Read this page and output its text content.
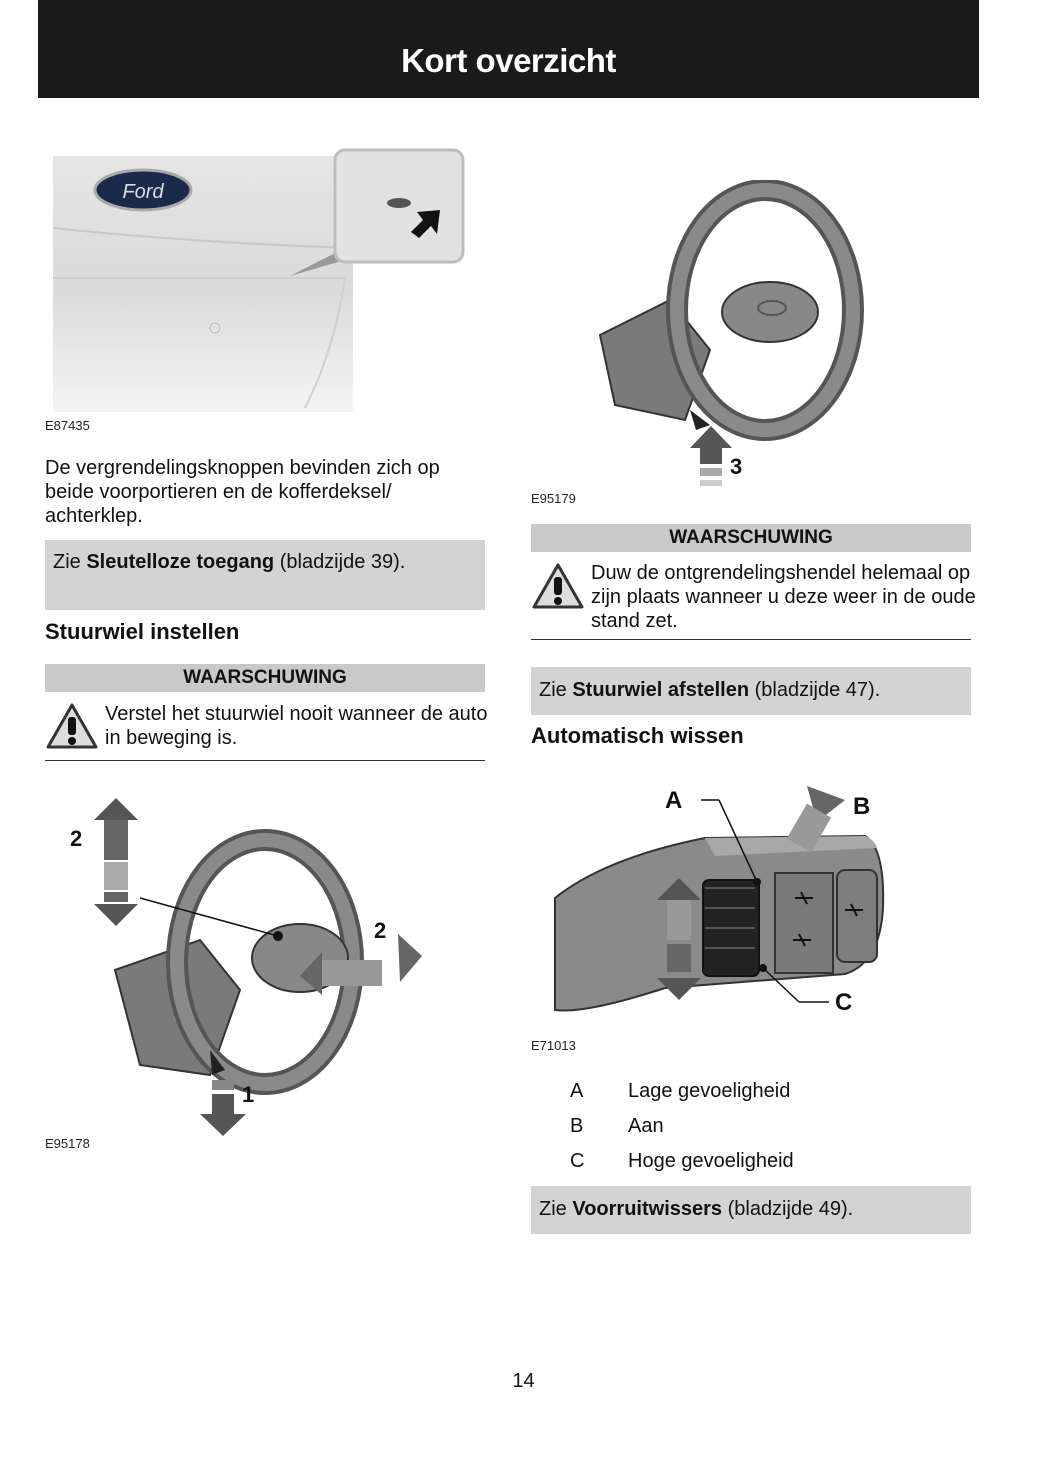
Kort overzicht
Ford
E87435
De vergrendelingsknoppen bevinden zich op beide voorportieren en de kofferdeksel/ achterklep.
Zie Sleutelloze toegang (bladzijde 39).
Stuurwiel instellen
WAARSCHUWING
Verstel het stuurwiel nooit wanneer de auto in beweging is.
2
2
1
E95178
3
E95179
WAARSCHUWING
Duw de ontgrendelingshendel helemaal op zijn plaats wanneer u deze weer in de oude stand zet.
Zie Stuurwiel afstellen (bladzijde 47).
Automatisch wissen
A	B
C
E71013
A Lage gevoeligheid
B Aan
C Hoge gevoeligheid
Zie Voorruitwissers (bladzijde 49).
14
